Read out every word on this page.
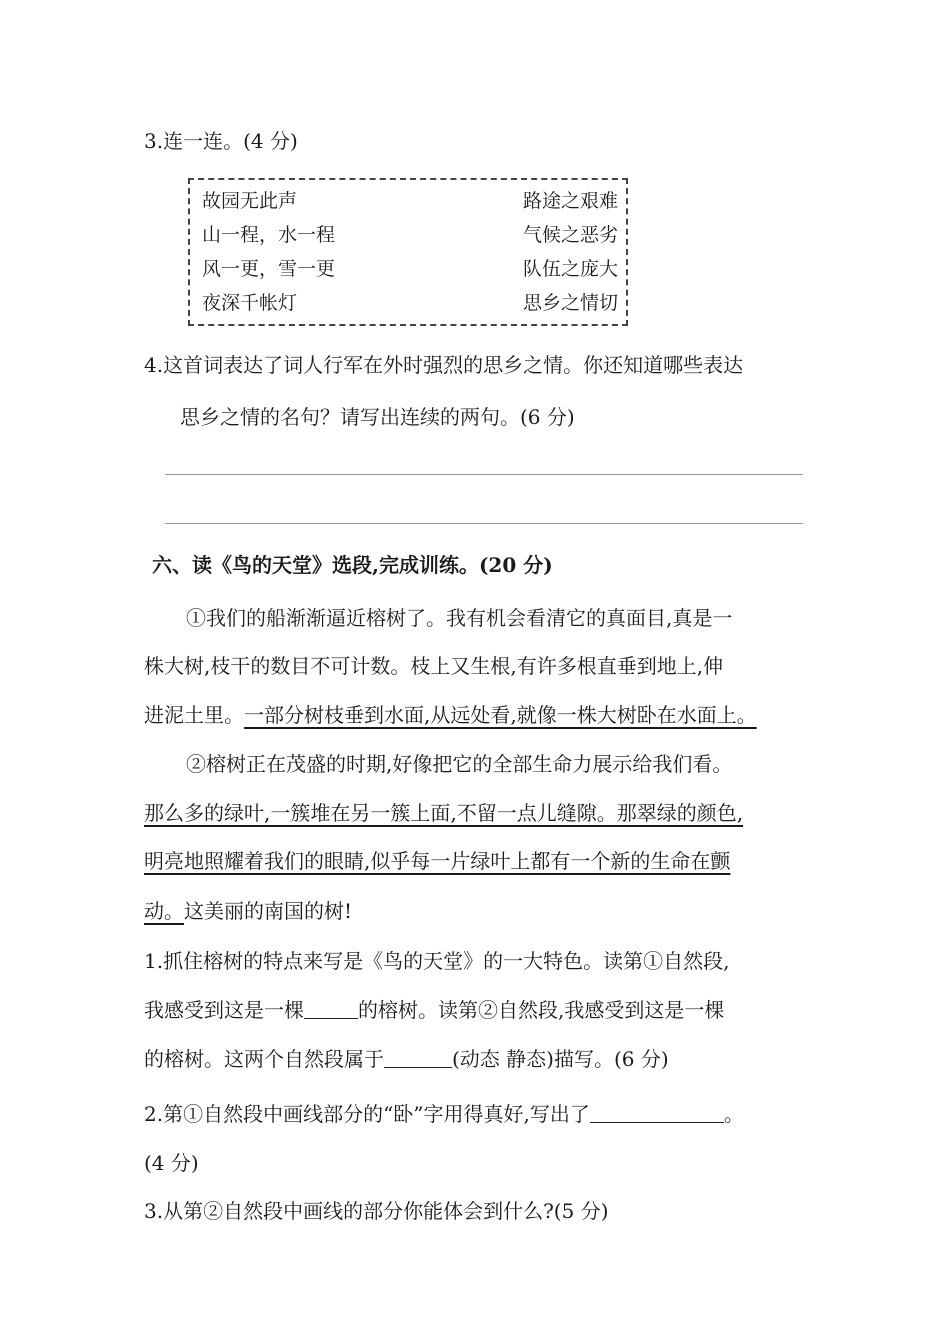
3.连一连。(4 分)
故园无此声	路途之艰难
山一程，水一程	气候之恶劣
风一更，雪一更	队伍之庞大
夜深千帐灯	思乡之情切
4.这首词表达了词人行军在外时强烈的思乡之情。你还知道哪些表达
思乡之情的名句？请写出连续的两句。(6 分)
六、读《鸟的天堂》选段,完成训练。(20 分)
①我们的船渐渐逼近榕树了。我有机会看清它的真面目,真是一
株大树,枝干的数目不可计数。枝上又生根,有许多根直垂到地上,伸
进泥土里。一部分树枝垂到水面,从远处看,就像一株大树卧在水面上。
②榕树正在茂盛的时期,好像把它的全部生命力展示给我们看。
那么多的绿叶,一簇堆在另一簇上面,不留一点儿缝隙。那翠绿的颜色,
明亮地照耀着我们的眼睛,似乎每一片绿叶上都有一个新的生命在颤
动。这美丽的南国的树!
1.抓住榕树的特点来写是《鸟的天堂》的一大特色。读第①自然段,
我感受到这是一棵	的榕树。读第②自然段,我感受到这是一棵
的榕树。这两个自然段属于	(动态 静态)描写。(6 分)
2.第①自然段中画线部分的“卧”字用得真好,写出了	。
(4 分)
3.从第②自然段中画线的部分你能体会到什么?(5 分)
